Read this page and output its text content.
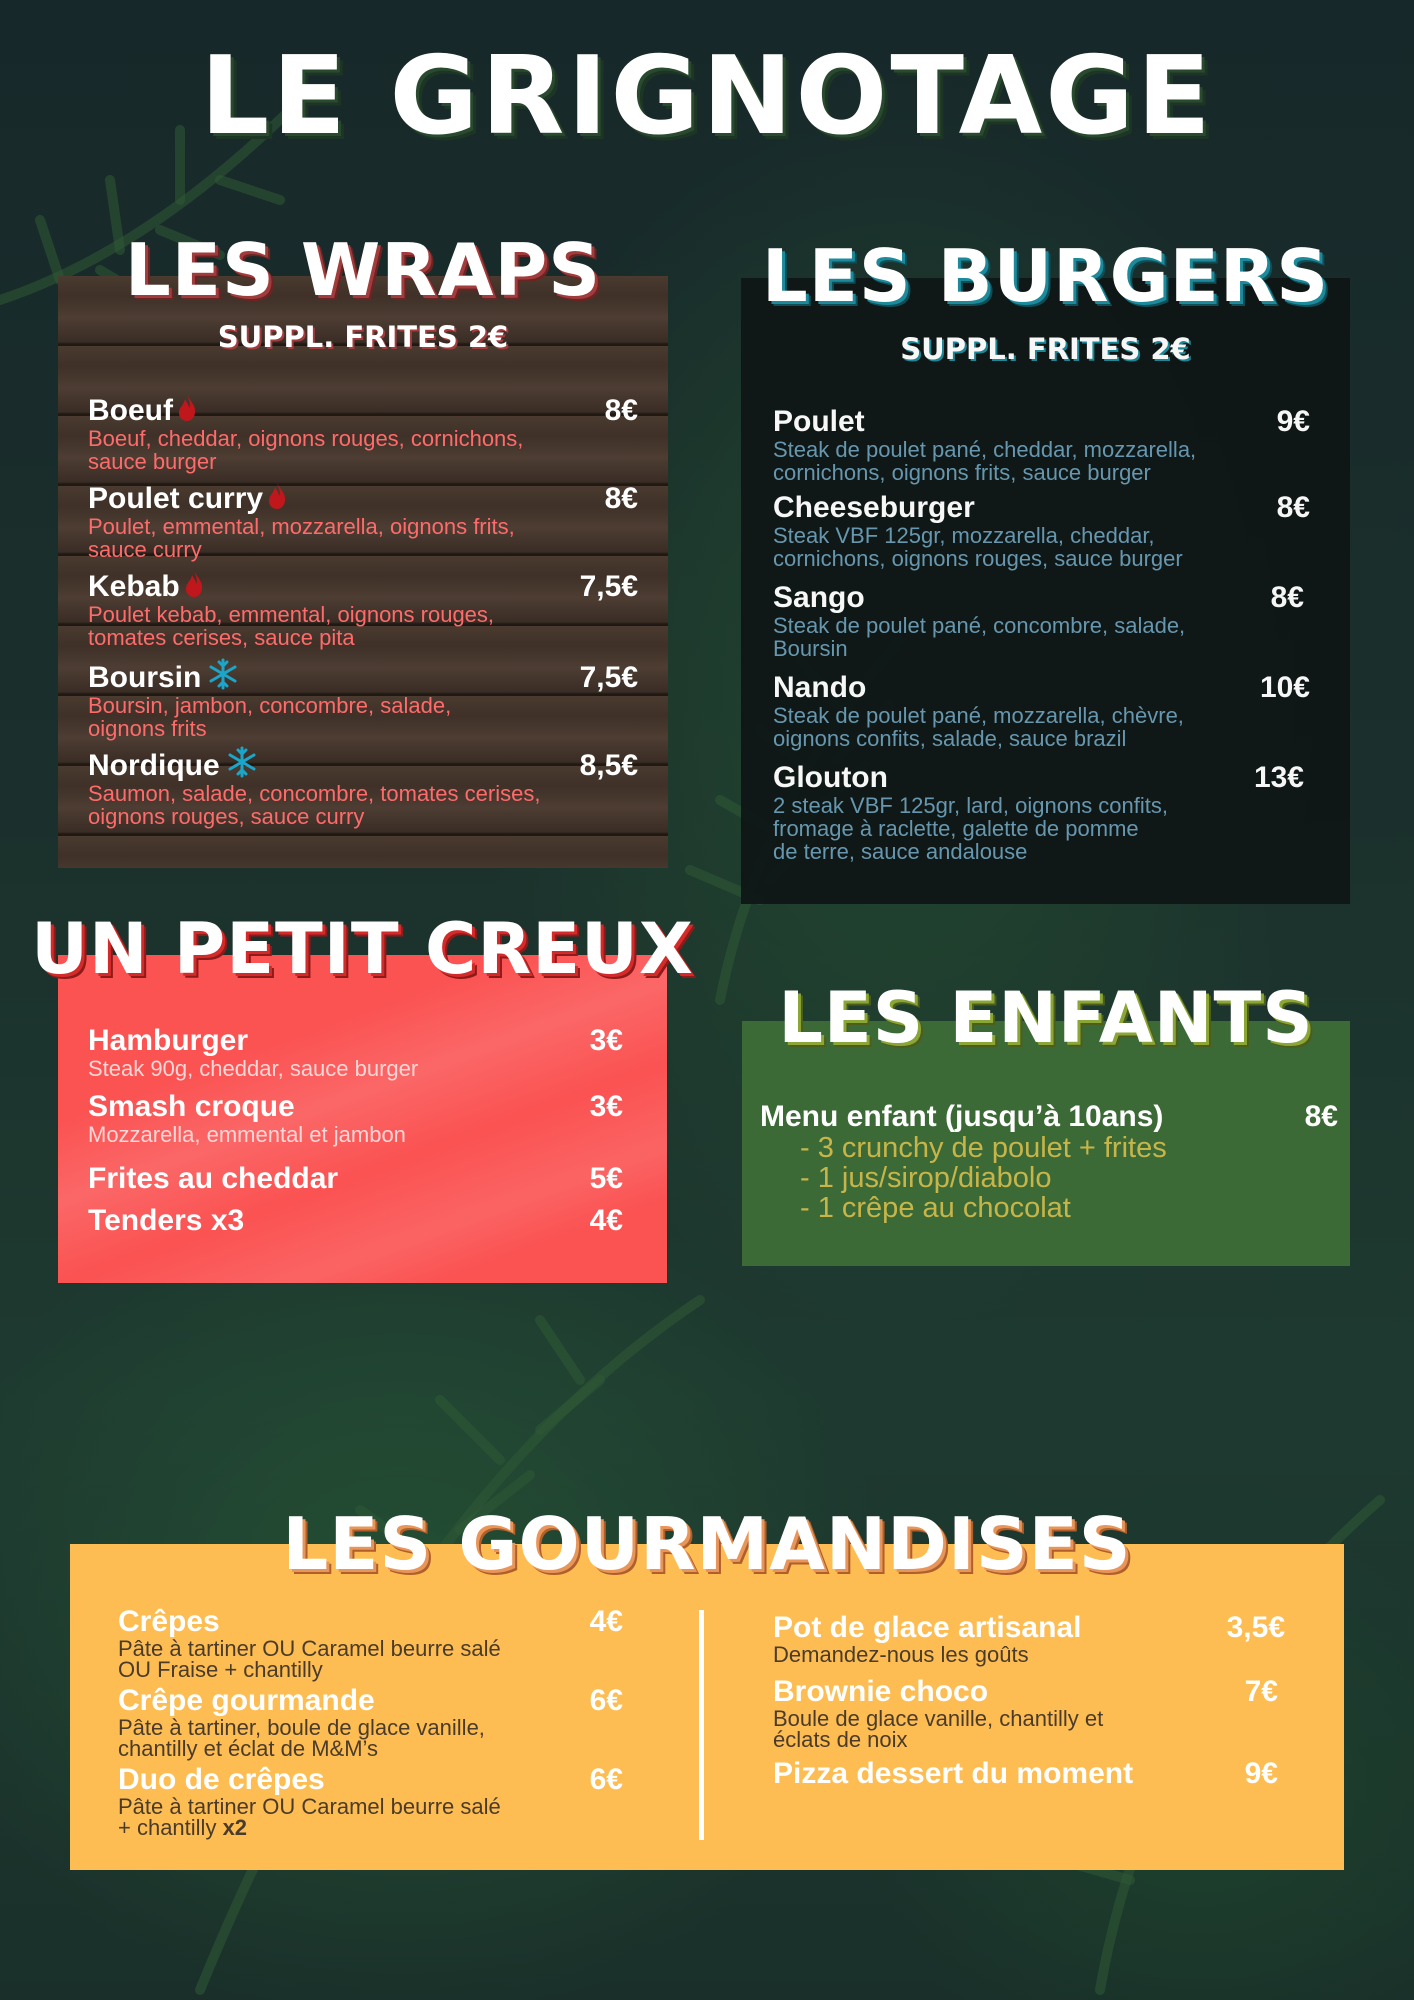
LE GRIGNOTAGE
SUPPL. FRITES 2€
Boeuf	8€
Boeuf, cheddar, oignons rouges, cornichons,
sauce burger
Poulet curry	8€
Poulet, emmental, mozzarella, oignons frits,
sauce curry
Kebab	7,5€
Poulet kebab, emmental, oignons rouges,
tomates cerises, sauce pita
Boursin	7,5€
Boursin, jambon, concombre, salade,
oignons frits
Nordique	8,5€
Saumon, salade, concombre, tomates cerises,
oignons rouges, sauce curry
LES WRAPS
SUPPL. FRITES 2€
Poulet	9€
Steak de poulet pané, cheddar, mozzarella,
cornichons, oignons frits, sauce burger
Cheeseburger	8€
Steak VBF 125gr, mozzarella, cheddar,
cornichons, oignons rouges, sauce burger
Sango	8€
Steak de poulet pané, concombre, salade,
Boursin
Nando	10€
Steak de poulet pané, mozzarella, chèvre,
oignons confits, salade, sauce brazil
Glouton	13€
2 steak VBF 125gr, lard, oignons confits,
fromage à raclette, galette de pomme
de terre, sauce andalouse
LES BURGERS
Hamburger	3€
Steak 90g, cheddar, sauce burger
Smash croque	3€
Mozzarella, emmental et jambon
Frites au cheddar	5€
Tenders x3	4€
UN PETIT CREUX
Menu enfant (jusqu’à 10ans)	8€
- 3 crunchy de poulet + frites
- 1 jus/sirop/diabolo
- 1 crêpe au chocolat
LES ENFANTS
Crêpes	4€
Pâte à tartiner OU Caramel beurre salé
OU Fraise + chantilly
Crêpe gourmande	6€
Pâte à tartiner, boule de glace vanille,
chantilly et éclat de M&M’s
Duo de crêpes	6€
Pâte à tartiner OU Caramel beurre salé
+ chantilly x2
Pot de glace artisanal	3,5€
Demandez-nous les goûts
Brownie choco	7€
Boule de glace vanille, chantilly et
éclats de noix
Pizza dessert du moment	9€
LES GOURMANDISES
